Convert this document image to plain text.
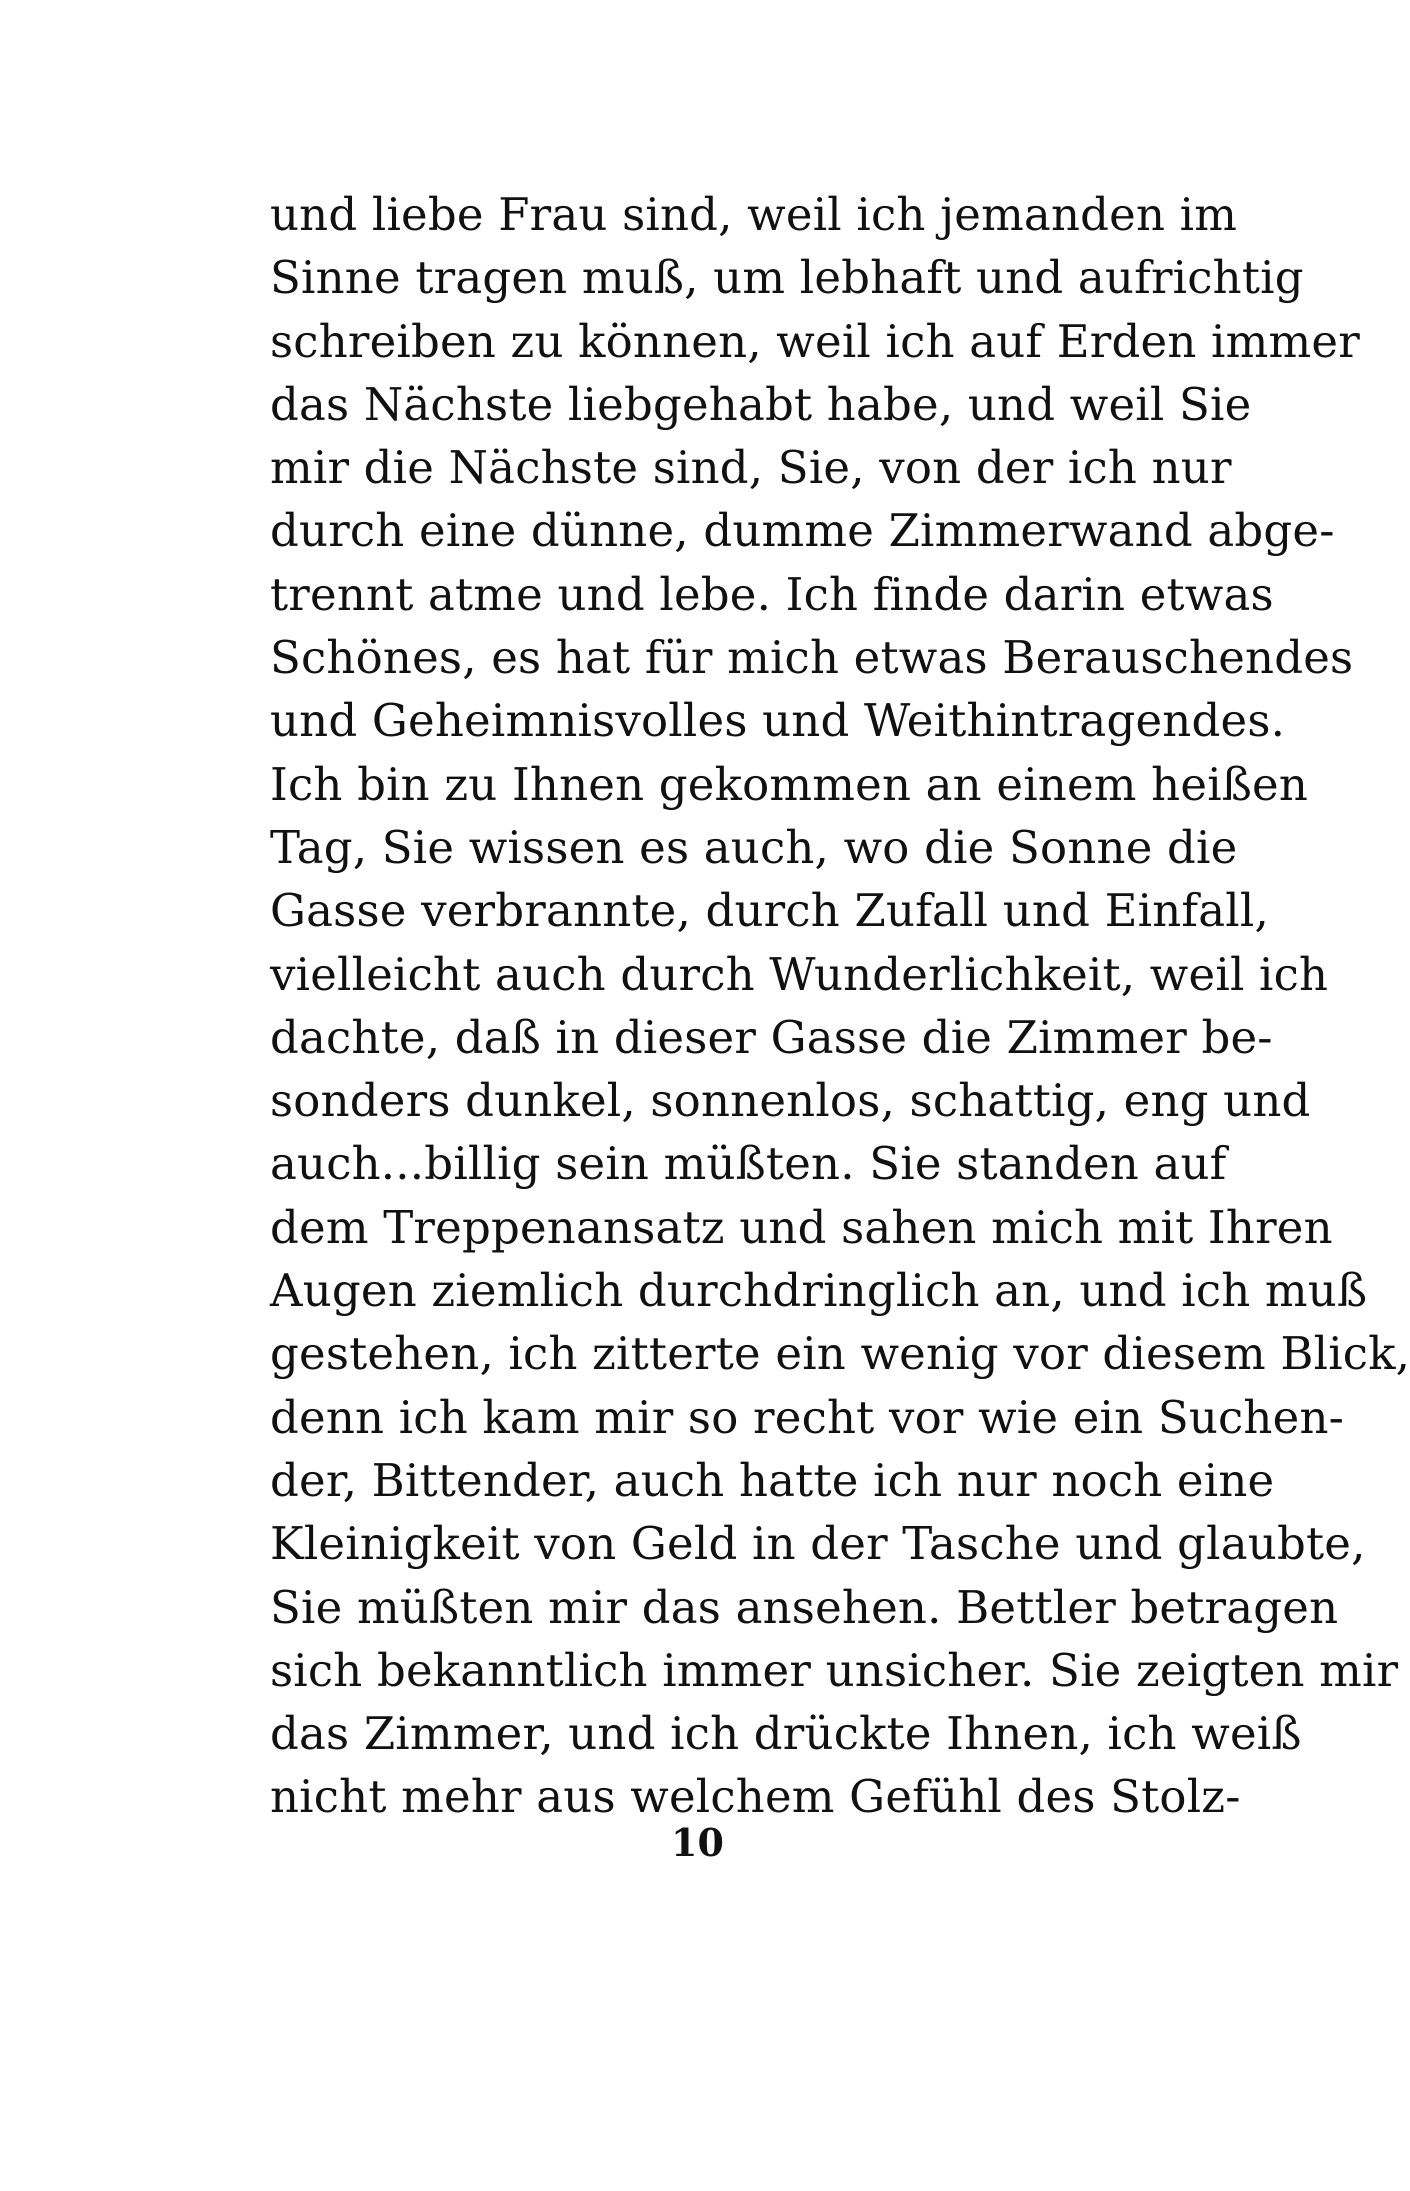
und liebe Frau sind, weil ich jemanden im
Sinne tragen muß, um lebhaft und aufrichtig
schreiben zu können, weil ich auf Erden immer
das Nächste liebgehabt habe, und weil Sie
mir die Nächste sind, Sie, von der ich nur
durch eine dünne, dumme Zimmerwand abge-
trennt atme und lebe. Ich finde darin etwas
Schönes, es hat für mich etwas Berauschendes
und Geheimnisvolles und Weithintragendes.
Ich bin zu Ihnen gekommen an einem heißen
Tag, Sie wissen es auch, wo die Sonne die
Gasse verbrannte, durch Zufall und Einfall,
vielleicht auch durch Wunderlichkeit, weil ich
dachte, daß in dieser Gasse die Zimmer be-
sonders dunkel, sonnenlos, schattig, eng und
auch...billig sein müßten. Sie standen auf
dem Treppenansatz und sahen mich mit Ihren
Augen ziemlich durchdringlich an, und ich muß
gestehen, ich zitterte ein wenig vor diesem Blick,
denn ich kam mir so recht vor wie ein Suchen-
der, Bittender, auch hatte ich nur noch eine
Kleinigkeit von Geld in der Tasche und glaubte,
Sie müßten mir das ansehen. Bettler betragen
sich bekanntlich immer unsicher. Sie zeigten mir
das Zimmer, und ich drückte Ihnen, ich weiß
nicht mehr aus welchem Gefühl des Stolz-
10
